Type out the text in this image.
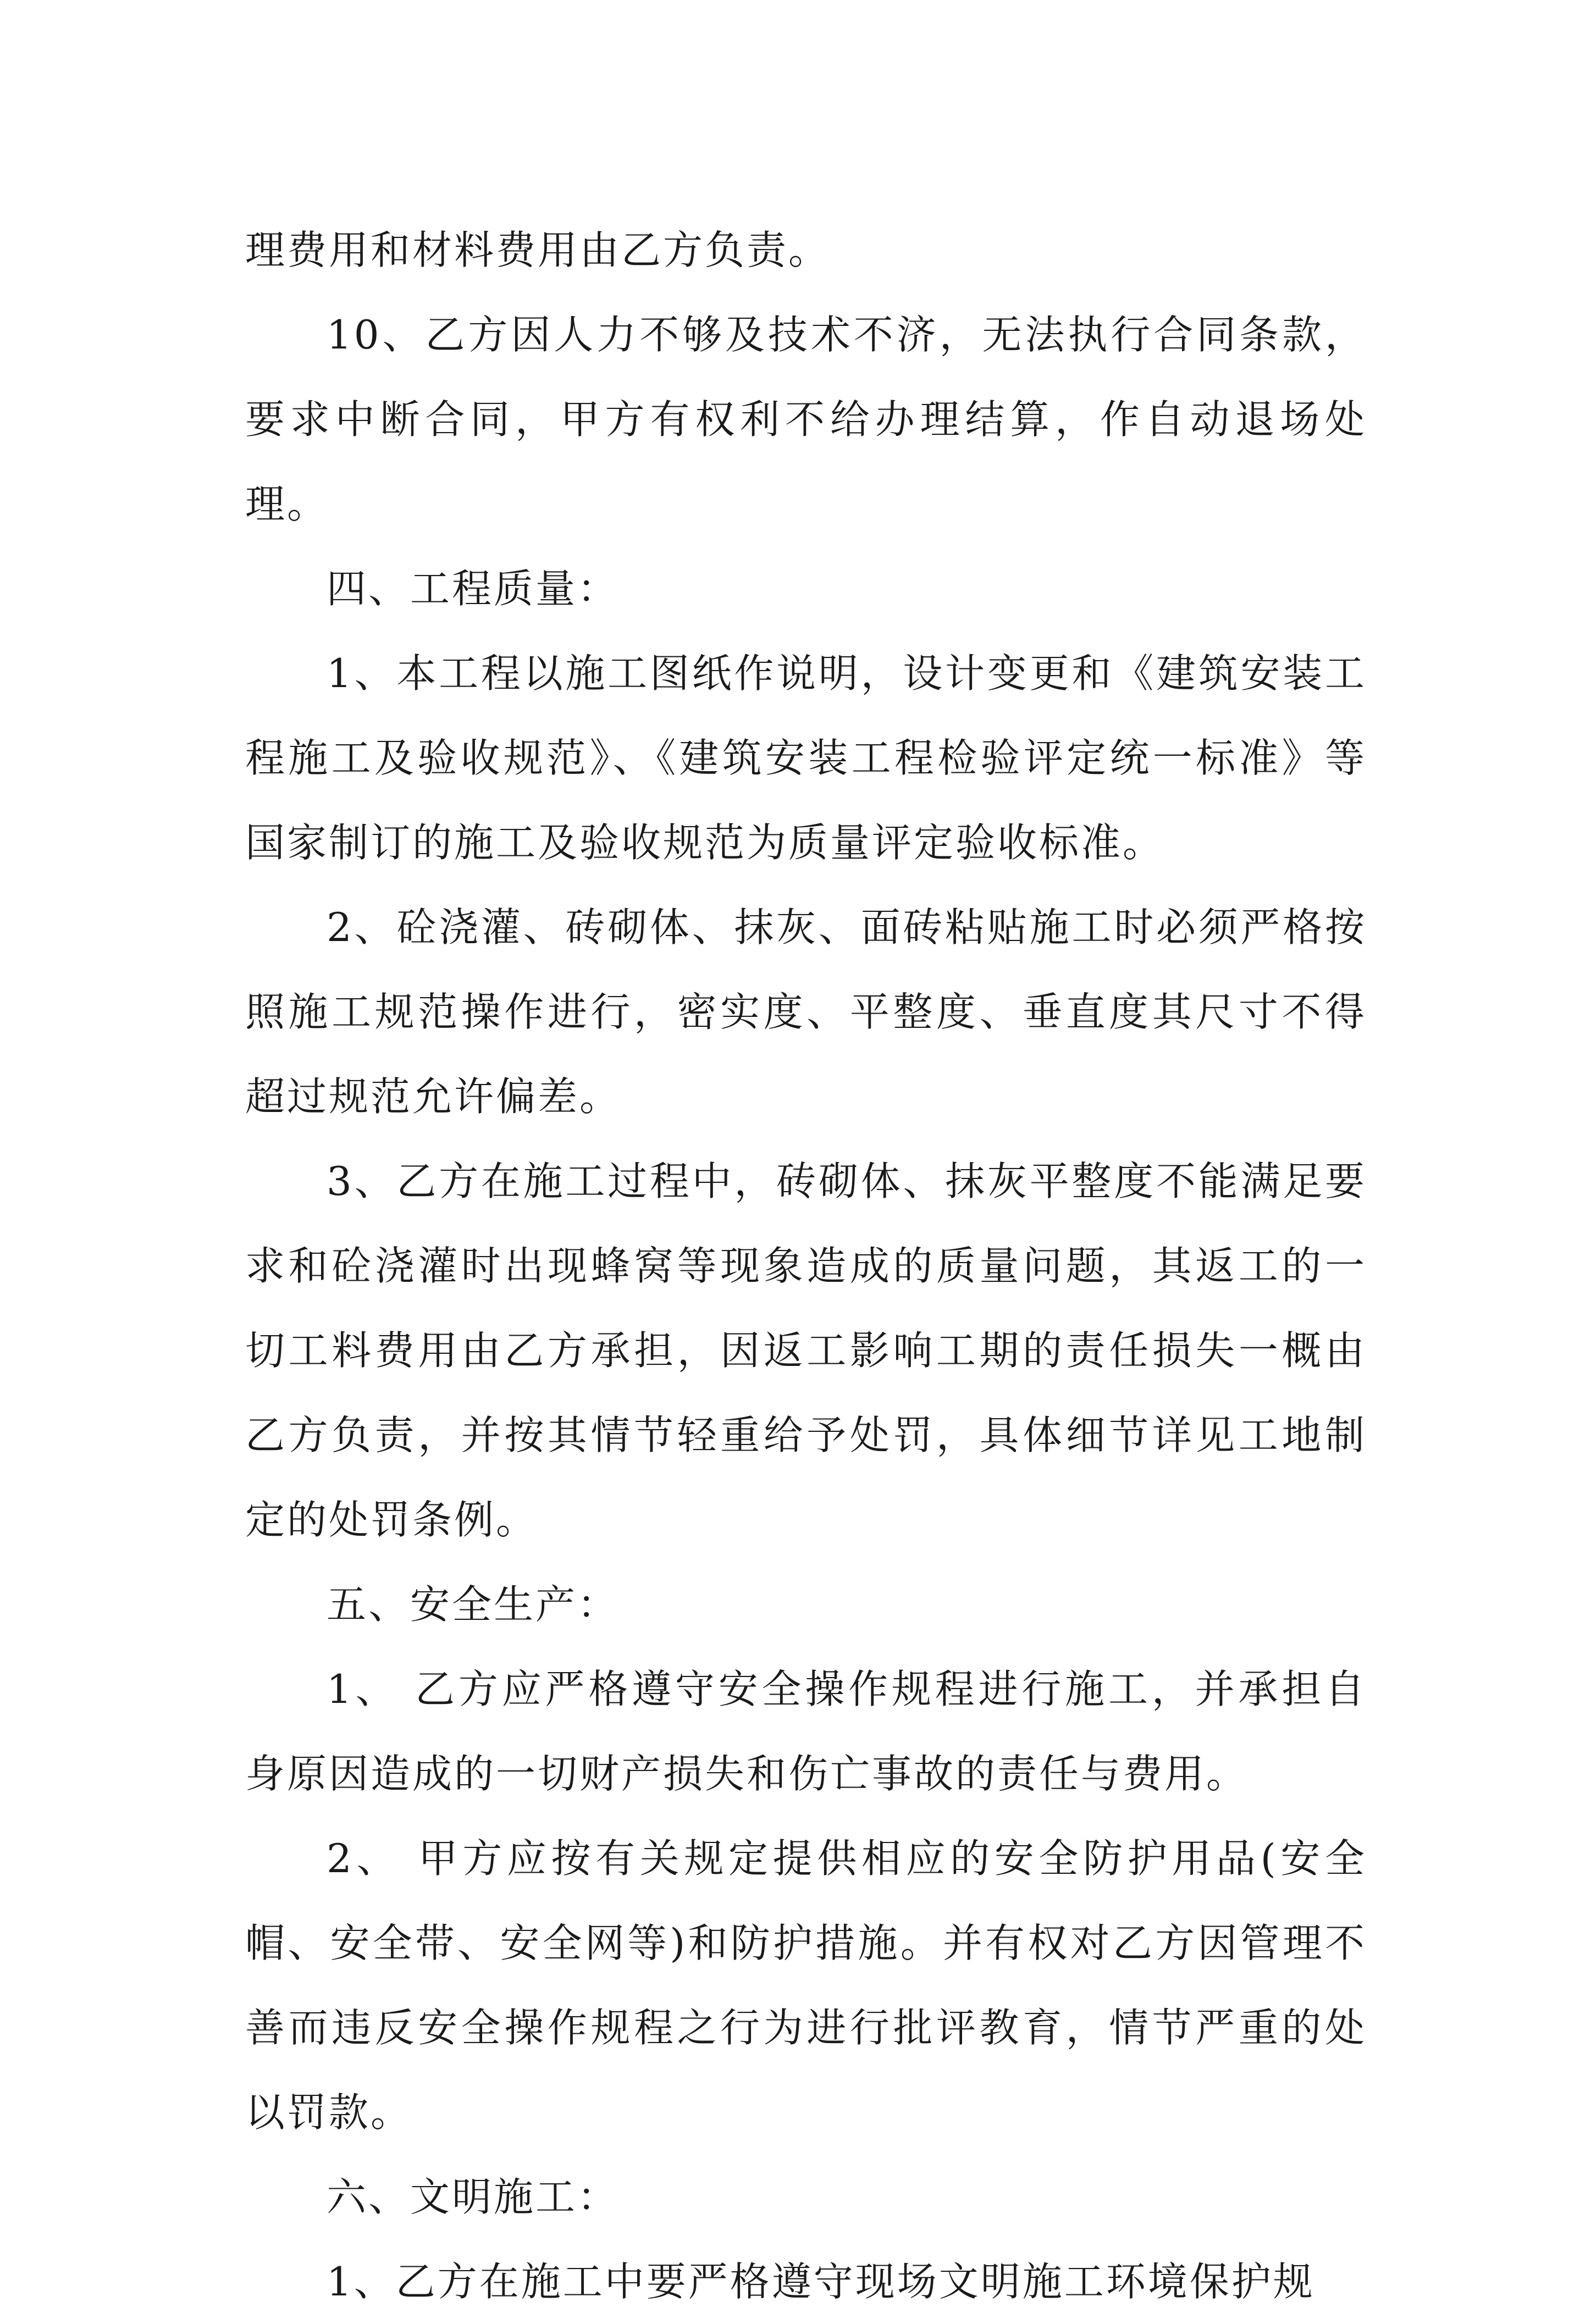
理费用和材料费用由乙方负责。

10、乙方因人力不够及技术不济，无法执行合同条款，要求中断合同，甲方有权利不给办理结算，作自动退场处理。

四、工程质量：

1、本工程以施工图纸作说明，设计变更和《建筑安装工程施工及验收规范》、《建筑安装工程检验评定统一标准》等国家制订的施工及验收规范为质量评定验收标准。

2、砼浇灌、砖砌体、抹灰、面砖粘贴施工时必须严格按照施工规范操作进行，密实度、平整度、垂直度其尺寸不得超过规范允许偏差。

3、乙方在施工过程中，砖砌体、抹灰平整度不能满足要求和砼浇灌时出现蜂窝等现象造成的质量问题，其返工的一切工料费用由乙方承担，因返工影响工期的责任损失一概由乙方负责，并按其情节轻重给予处罚，具体细节详见工地制定的处罚条例。

五、安全生产：

1、 乙方应严格遵守安全操作规程进行施工，并承担自身原因造成的一切财产损失和伤亡事故的责任与费用。

2、 甲方应按有关规定提供相应的安全防护用品(安全帽、安全带、安全网等)和防护措施。并有权对乙方因管理不善而违反安全操作规程之行为进行批评教育，情节严重的处以罚款。

六、文明施工：

1、乙方在施工中要严格遵守现场文明施工环境保护规
